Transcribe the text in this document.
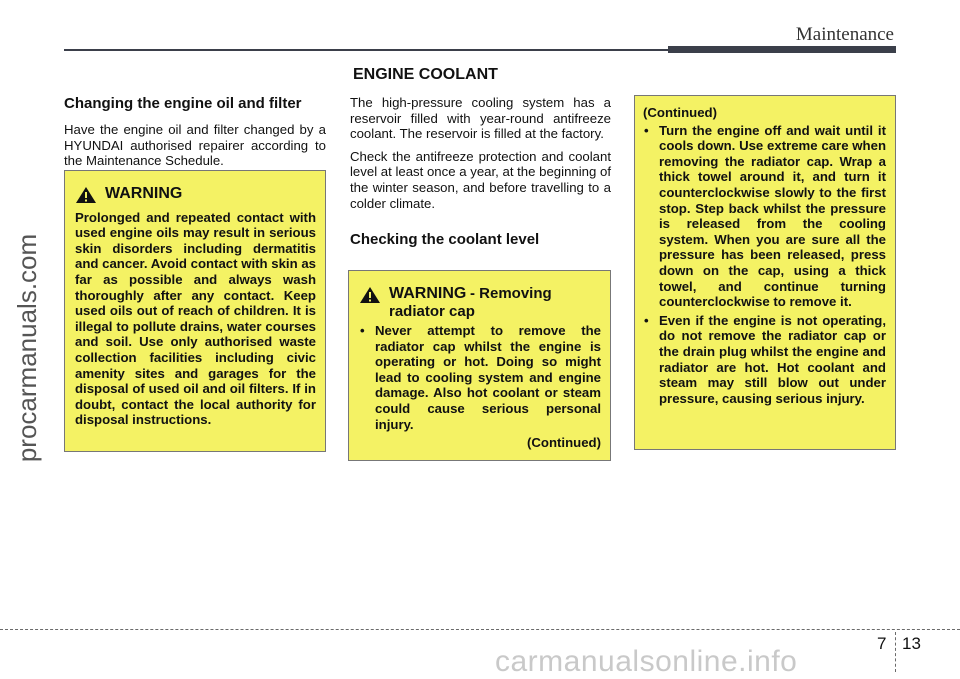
Maintenance
procarmanuals.com
ENGINE COOLANT
Changing the engine oil and filter

Have the engine oil and filter changed by a HYUNDAI authorised repairer according to the Maintenance Schedule.

WARNING
Prolonged and repeated contact with used engine oils may result in serious skin disorders including dermatitis and cancer. Avoid contact with skin as far as possible and always wash thoroughly after any contact. Keep used oils out of reach of children. It is illegal to pollute drains, water courses and soil. Use only authorised waste collection facilities including civic amenity sites and garages for the disposal of used oil and oil filters. If in doubt, contact the local authority for disposal instructions.

The high-pressure cooling system has a reservoir filled with year-round antifreeze coolant. The reservoir is filled at the factory.

Check the antifreeze protection and coolant level at least once a year, at the beginning of the winter season, and before travelling to a colder climate.

Checking the coolant level
WARNING - Removing radiator cap
• Never attempt to remove the radiator cap whilst the engine is operating or hot. Doing so might lead to cooling system and engine damage. Also hot coolant or steam could cause serious personal injury.
(Continued)
(Continued)
• Turn the engine off and wait until it cools down. Use extreme care when removing the radiator cap. Wrap a thick towel around it, and turn it counterclockwise slowly to the first stop. Step back whilst the pressure is released from the cooling system. When you are sure all the pressure has been released, press down on the cap, using a thick towel, and continue turning counterclockwise to remove it.
• Even if the engine is not operating, do not remove the radiator cap or the drain plug whilst the engine and radiator are hot. Hot coolant and steam may still blow out under pressure, causing serious injury.
7 13
carmanualsonline.info
